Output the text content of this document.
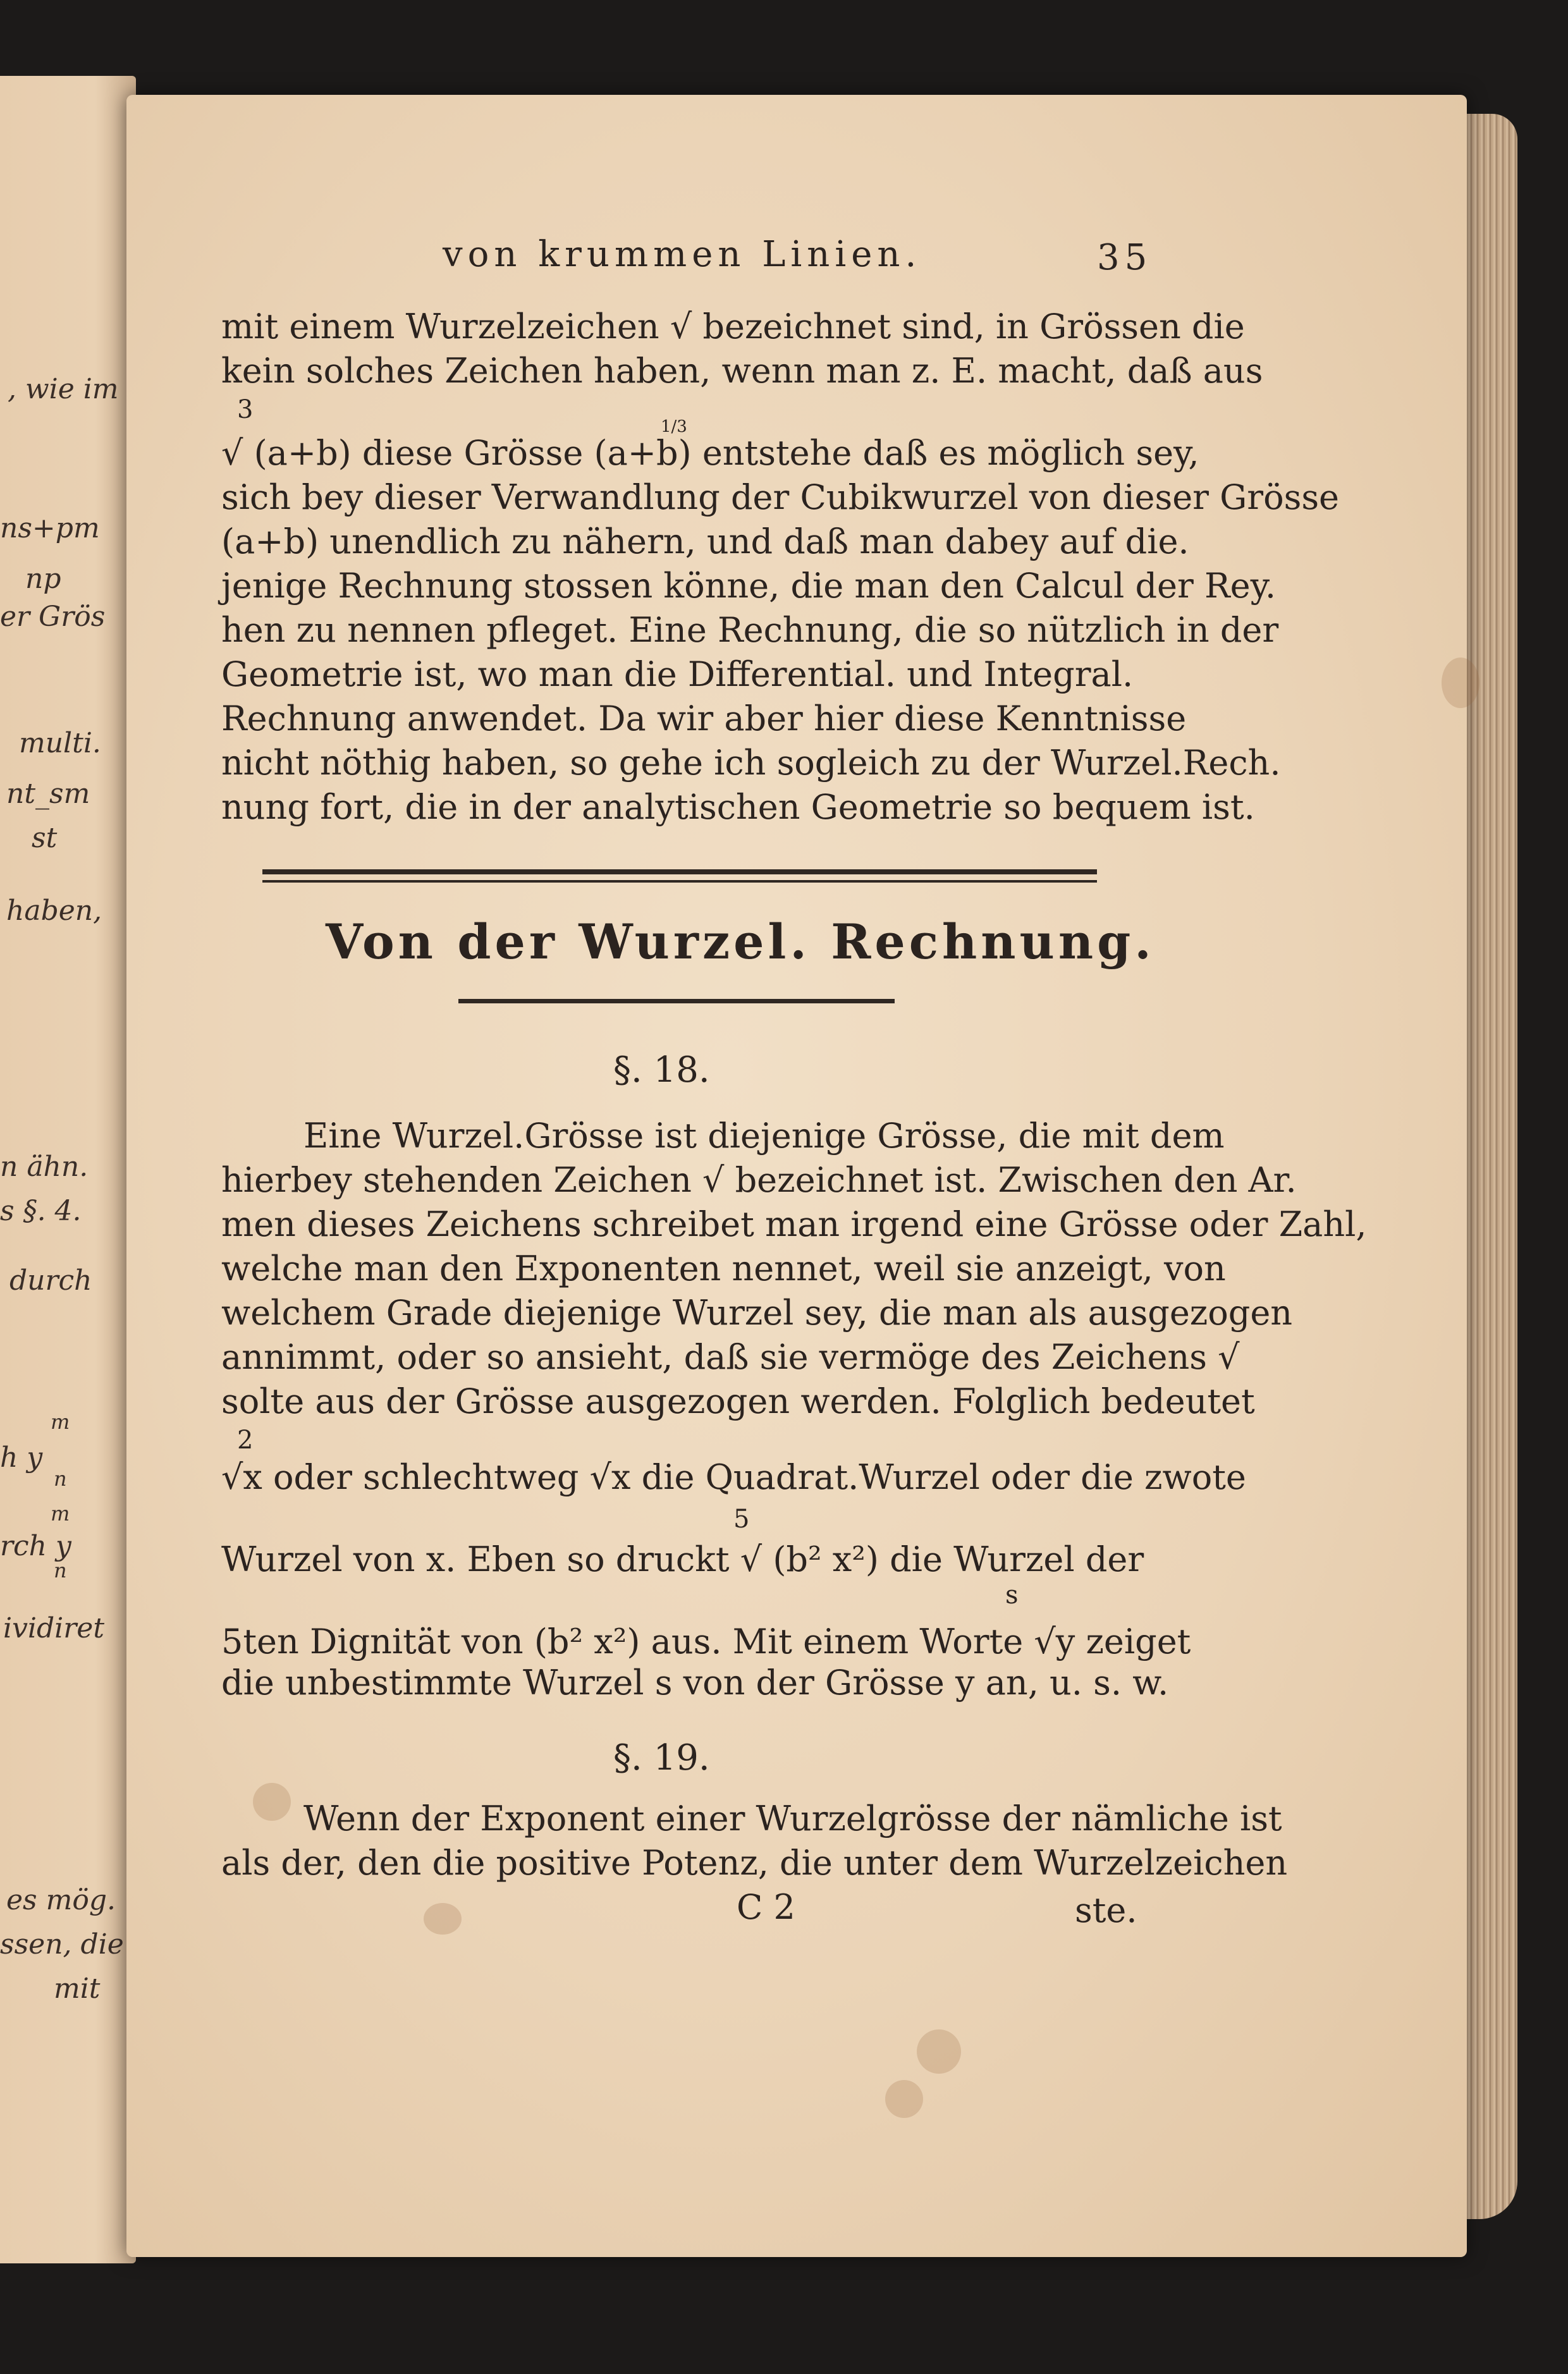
, wie im
ns+pm
np
er Grös
multi.
nt_sm
st
haben,
n ähn.
s §. 4.
durch
m
h y
n
m
rch y
n
ividiret
es mög.
ssen, die
mit
von krummen Linien.	35
mit einem Wurzelzeichen √ bezeichnet sind, in Grössen die
kein solches Zeichen haben, wenn man z. E. macht, daß aus
3
1/3
√ (a+b) diese Grösse (a+b) entstehe daß es möglich sey,
sich bey dieser Verwandlung der Cubikwurzel von dieser Grösse
(a+b) unendlich zu nähern, und daß man dabey auf die.
jenige Rechnung stossen könne, die man den Calcul der Rey.
hen zu nennen pfleget. Eine Rechnung, die so nützlich in der
Geometrie ist, wo man die Differential. und Integral.
Rechnung anwendet. Da wir aber hier diese Kenntnisse
nicht nöthig haben, so gehe ich sogleich zu der Wurzel.Rech.
nung fort, die in der analytischen Geometrie so bequem ist.
Von der Wurzel. Rechnung.
§. 18.
Eine Wurzel.Grösse ist diejenige Grösse, die mit dem
hierbey stehenden Zeichen √ bezeichnet ist. Zwischen den Ar.
men dieses Zeichens schreibet man irgend eine Grösse oder Zahl,
welche man den Exponenten nennet, weil sie anzeigt, von
welchem Grade diejenige Wurzel sey, die man als ausgezogen
annimmt, oder so ansieht, daß sie vermöge des Zeichens √
solte aus der Grösse ausgezogen werden. Folglich bedeutet
2
√x oder schlechtweg √x die Quadrat.Wurzel oder die zwote
5
Wurzel von x. Eben so druckt √ (b² x²) die Wurzel der
s
5ten Dignität von (b² x²) aus. Mit einem Worte √y zeiget
die unbestimmte Wurzel s von der Grösse y an, u. s. w.
§. 19.
Wenn der Exponent einer Wurzelgrösse der nämliche ist
als der, den die positive Potenz, die unter dem Wurzelzeichen
C 2	ste.
